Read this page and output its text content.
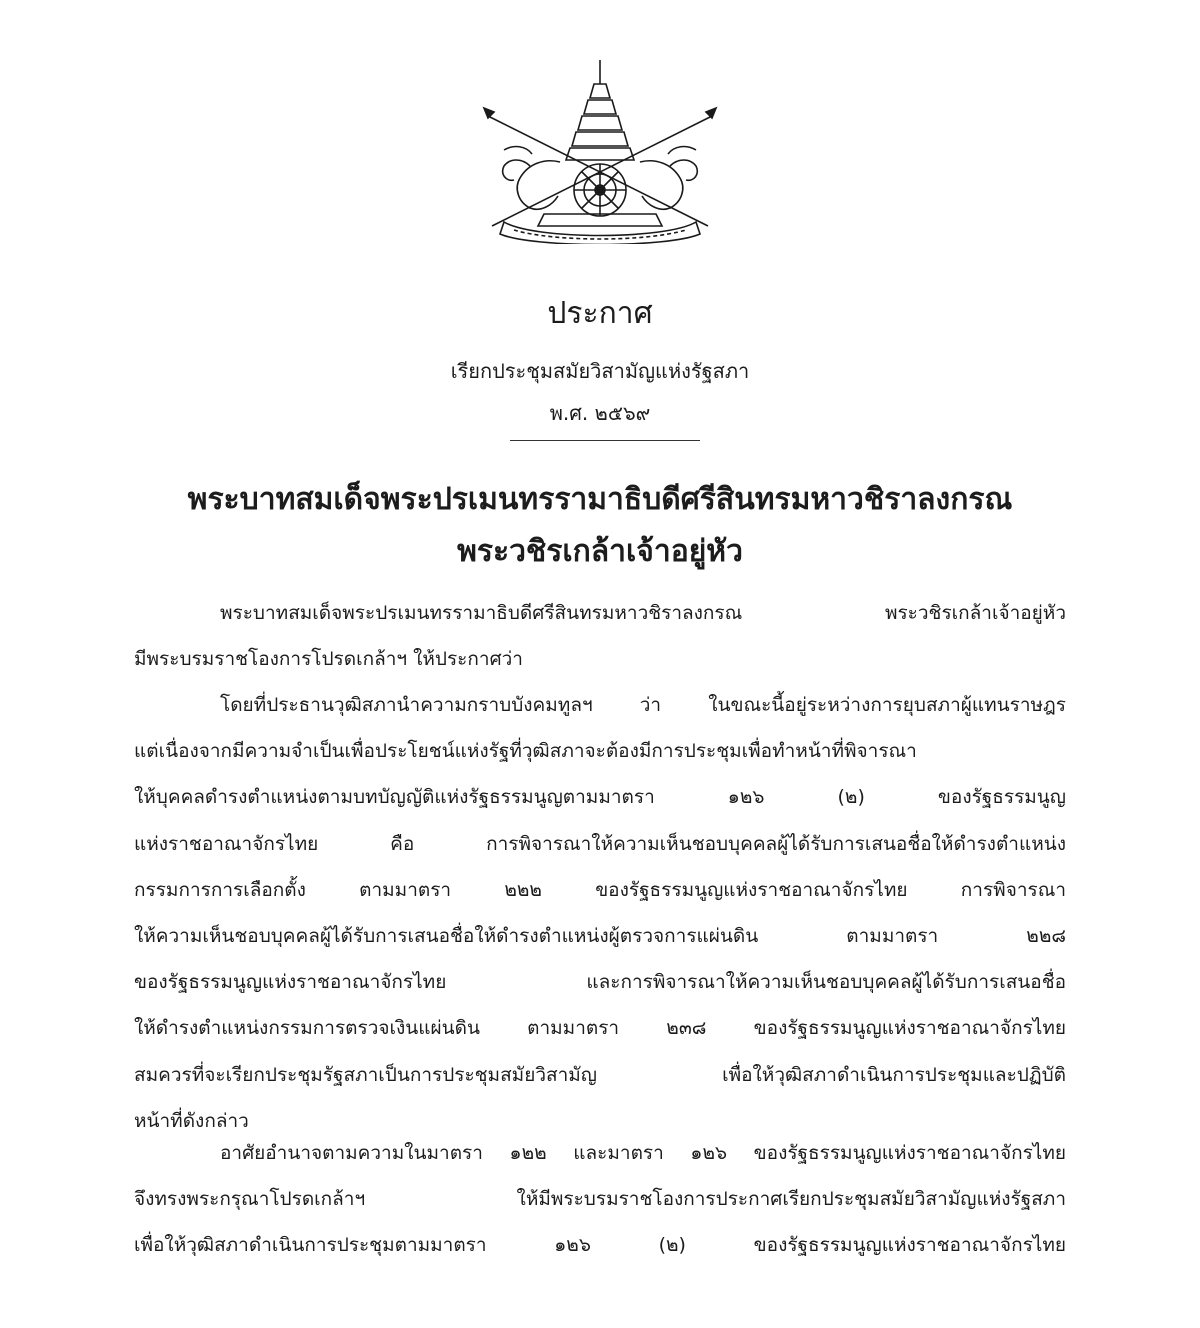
ประกาศ
เรียกประชุมสมัยวิสามัญแห่งรัฐสภา
พ.ศ. ๒๕๖๙
พระบาทสมเด็จพระปรเมนทรรามาธิบดีศรีสินทรมหาวชิราลงกรณ
พระวชิรเกล้าเจ้าอยู่หัว
พระบาทสมเด็จพระปรเมนทรรามาธิบดีศรีสินทรมหาวชิราลงกรณ พระวชิรเกล้าเจ้าอยู่หัว
มีพระบรมราชโองการโปรดเกล้าฯ ให้ประกาศว่า
โดยที่ประธานวุฒิสภานำความกราบบังคมทูลฯ ว่า ในขณะนี้อยู่ระหว่างการยุบสภาผู้แทนราษฎร
แต่เนื่องจากมีความจำเป็นเพื่อประโยชน์แห่งรัฐที่วุฒิสภาจะต้องมีการประชุมเพื่อทำหน้าที่พิจารณา
ให้บุคคลดำรงตำแหน่งตามบทบัญญัติแห่งรัฐธรรมนูญตามมาตรา ๑๒๖ (๒) ของรัฐธรรมนูญ
แห่งราชอาณาจักรไทย คือ การพิจารณาให้ความเห็นชอบบุคคลผู้ได้รับการเสนอชื่อให้ดำรงตำแหน่ง
กรรมการการเลือกตั้ง ตามมาตรา ๒๒๒ ของรัฐธรรมนูญแห่งราชอาณาจักรไทย การพิจารณา
ให้ความเห็นชอบบุคคลผู้ได้รับการเสนอชื่อให้ดำรงตำแหน่งผู้ตรวจการแผ่นดิน ตามมาตรา ๒๒๘
ของรัฐธรรมนูญแห่งราชอาณาจักรไทย และการพิจารณาให้ความเห็นชอบบุคคลผู้ได้รับการเสนอชื่อ
ให้ดำรงตำแหน่งกรรมการตรวจเงินแผ่นดิน ตามมาตรา ๒๓๘ ของรัฐธรรมนูญแห่งราชอาณาจักรไทย
สมควรที่จะเรียกประชุมรัฐสภาเป็นการประชุมสมัยวิสามัญ เพื่อให้วุฒิสภาดำเนินการประชุมและปฏิบัติ
หน้าที่ดังกล่าว
อาศัยอำนาจตามความในมาตรา ๑๒๒ และมาตรา ๑๒๖ ของรัฐธรรมนูญแห่งราชอาณาจักรไทย
จึงทรงพระกรุณาโปรดเกล้าฯ ให้มีพระบรมราชโองการประกาศเรียกประชุมสมัยวิสามัญแห่งรัฐสภา
เพื่อให้วุฒิสภาดำเนินการประชุมตามมาตรา ๑๒๖ (๒) ของรัฐธรรมนูญแห่งราชอาณาจักรไทย
